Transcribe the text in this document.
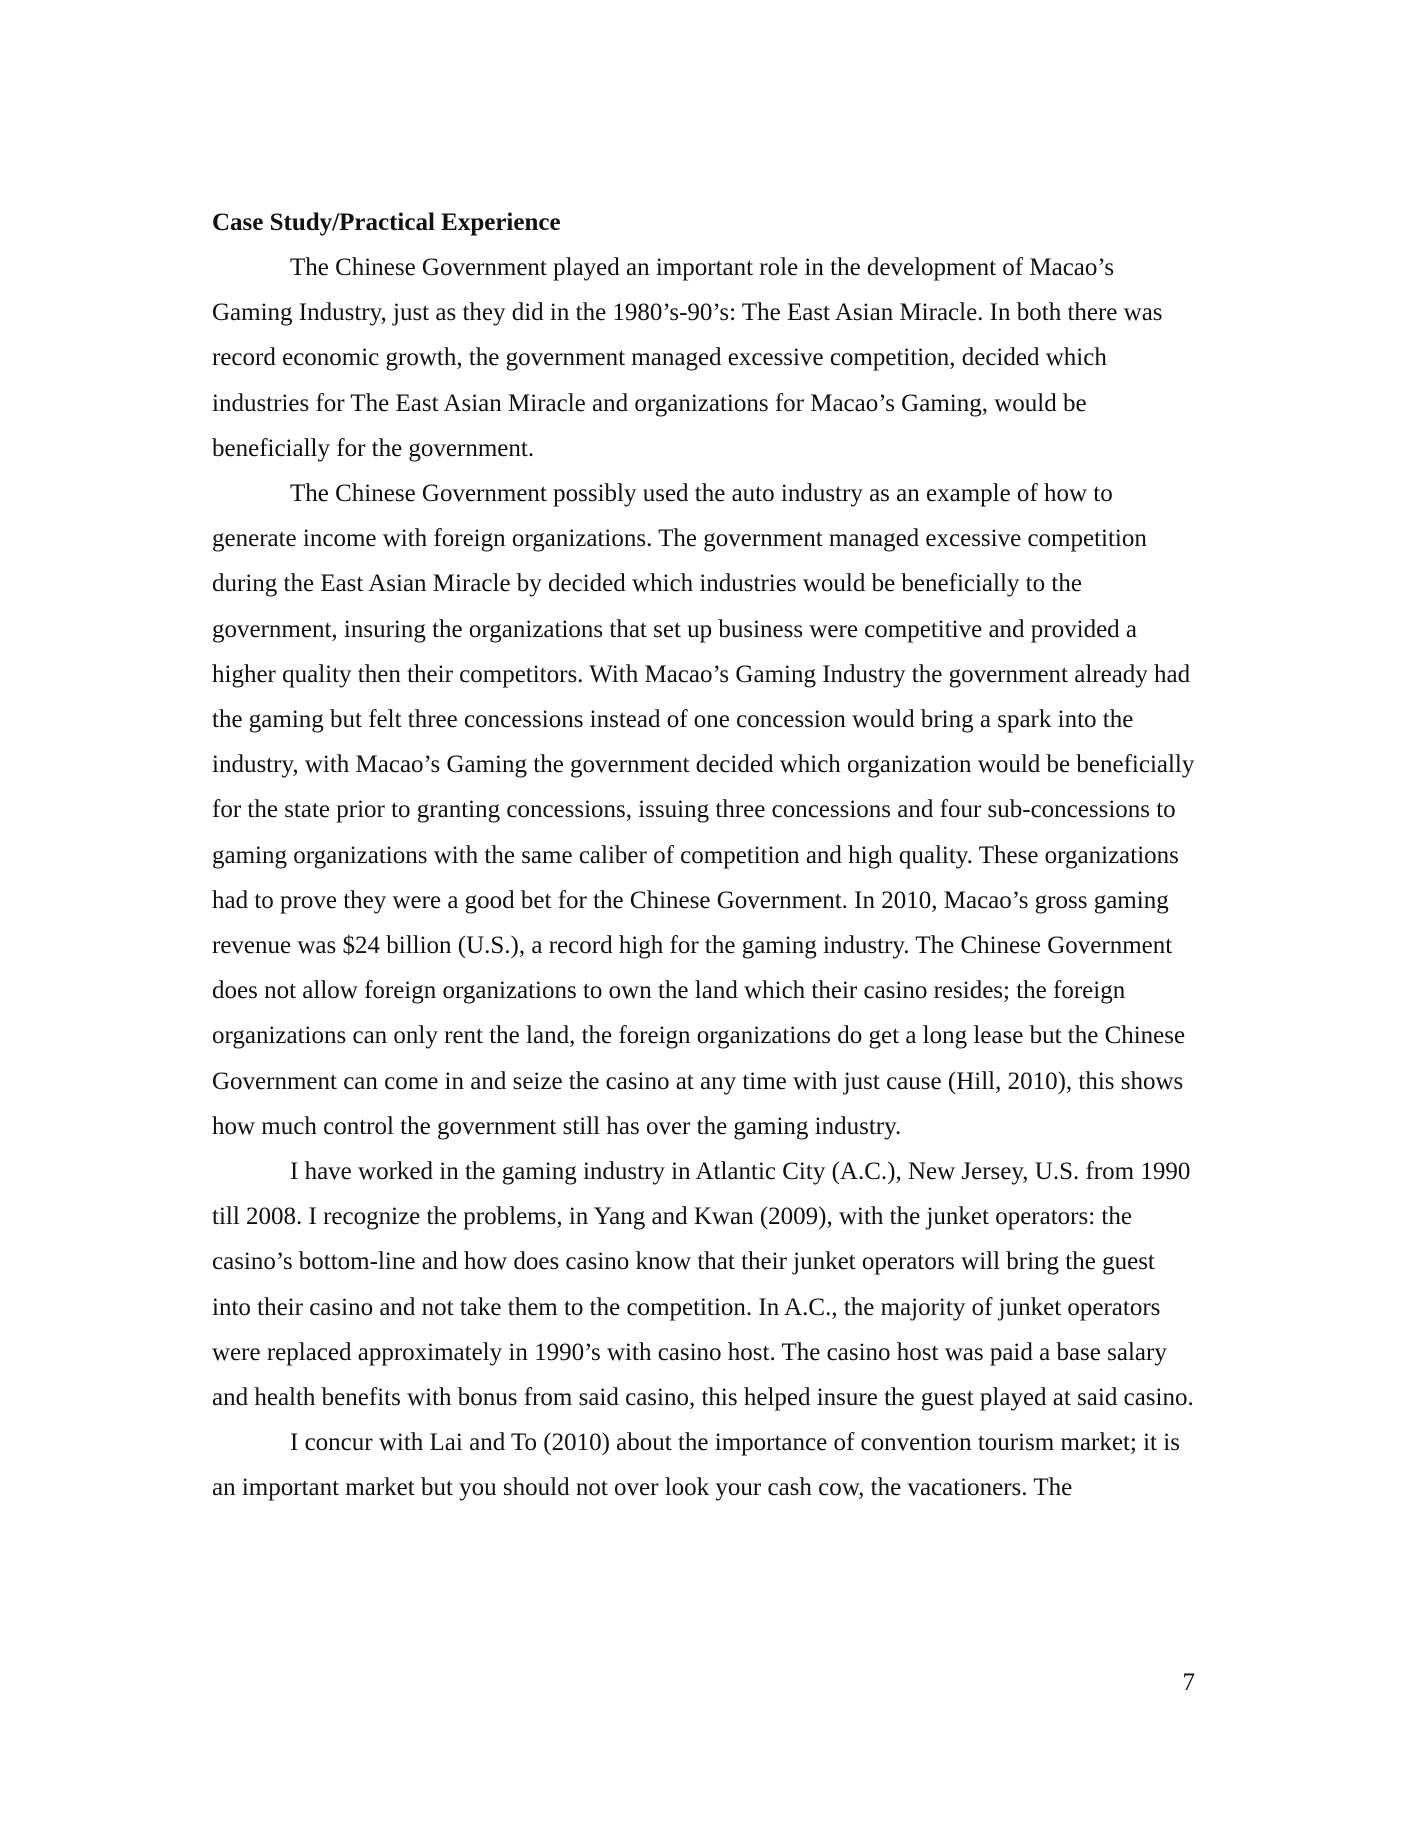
Case Study/Practical Experience

The Chinese Government played an important role in the development of Macao’s Gaming Industry, just as they did in the 1980’s-90’s: The East Asian Miracle. In both there was record economic growth, the government managed excessive competition, decided which industries for The East Asian Miracle and organizations for Macao’s Gaming, would be beneficially for the government.

The Chinese Government possibly used the auto industry as an example of how to generate income with foreign organizations. The government managed excessive competition during the East Asian Miracle by decided which industries would be beneficially to the government, insuring the organizations that set up business were competitive and provided a higher quality then their competitors. With Macao’s Gaming Industry the government already had the gaming but felt three concessions instead of one concession would bring a spark into the industry, with Macao’s Gaming the government decided which organization would be beneficially for the state prior to granting concessions, issuing three concessions and four sub-concessions to gaming organizations with the same caliber of competition and high quality. These organizations had to prove they were a good bet for the Chinese Government. In 2010, Macao’s gross gaming revenue was $24 billion (U.S.), a record high for the gaming industry. The Chinese Government does not allow foreign organizations to own the land which their casino resides; the foreign organizations can only rent the land, the foreign organizations do get a long lease but the Chinese Government can come in and seize the casino at any time with just cause (Hill, 2010), this shows how much control the government still has over the gaming industry.

I have worked in the gaming industry in Atlantic City (A.C.), New Jersey, U.S. from 1990 till 2008. I recognize the problems, in Yang and Kwan (2009), with the junket operators: the casino’s bottom-line and how does casino know that their junket operators will bring the guest into their casino and not take them to the competition. In A.C., the majority of junket operators were replaced approximately in 1990’s with casino host. The casino host was paid a base salary and health benefits with bonus from said casino, this helped insure the guest played at said casino.

I concur with Lai and To (2010) about the importance of convention tourism market; it is an important market but you should not over look your cash cow, the vacationers. The

7
